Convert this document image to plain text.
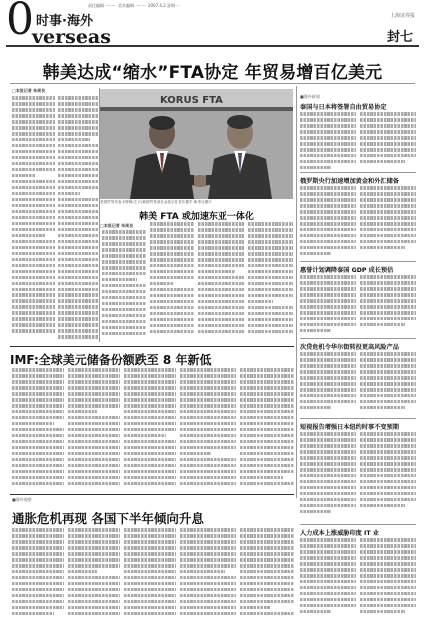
0 时事·海外
verseas
责任编辑 ········· 美术编辑 ········· 2007.4.2 星期一
上海证券报
封七
韩美达成“缩水”FTA协定 年贸易增百亿美元
□本报记者 朱周良
KORUS FTA
美国贸易代表卡特勒(左)与韩国贸易部长金铉宗在首尔握手 新华社图片
韩美 FTA 或加速东亚一体化
□本报记者 朱周良
■海外新闻
泰国与日本将签署自由贸易协定
俄罗斯央行加速增加黄金和外汇储备
惠誉计划调降泰国 GDP 成长预估
次贷危机令华尔街转投更高风险产品
短视报告增强日本纽约时事不变预期
人力成本上涨威胁印度 IT 业
IMF:全球美元储备份额跌至 8 年新低
■海外观察
通胀危机再现 各国下半年倾向升息
